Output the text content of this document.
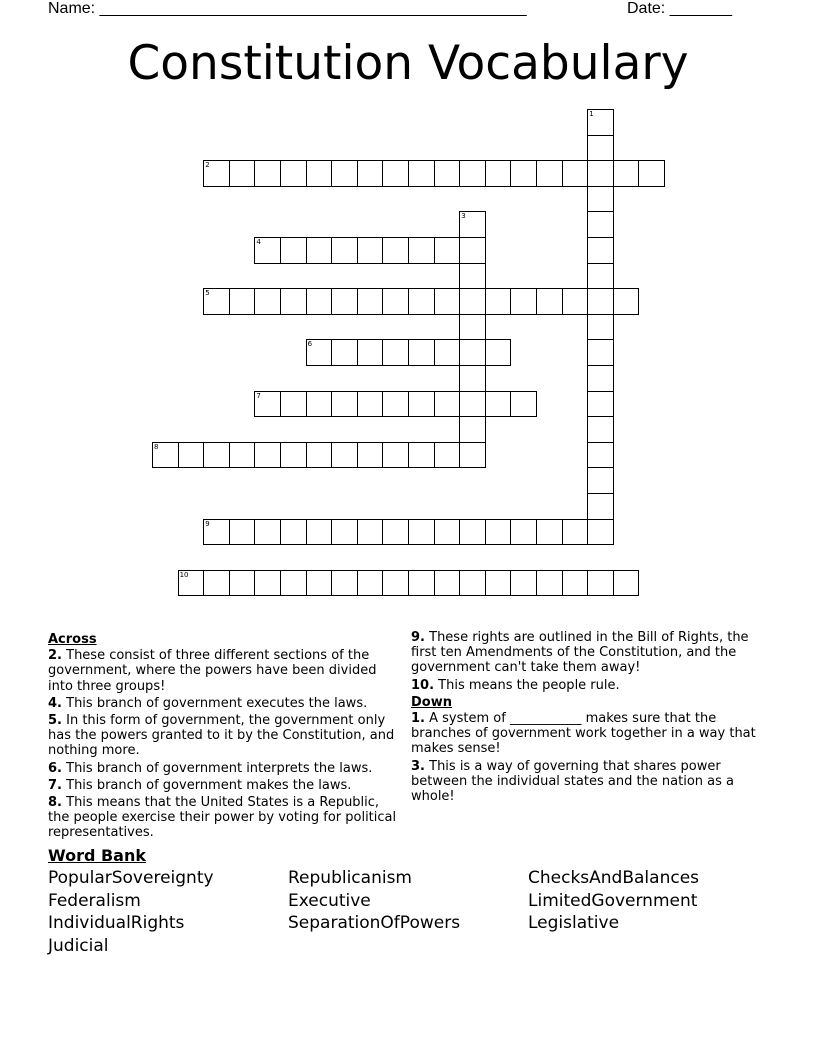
Name: ________________________________________________	Date: _______
Constitution Vocabulary
1
2
3
4
5
6
7
8
9
10
Across
2. These consist of three different sections of the government, where the powers have been divided into three groups!
4. This branch of government executes the laws.
5. In this form of government, the government only has the powers granted to it by the Constitution, and nothing more.
6. This branch of government interprets the laws.
7. This branch of government makes the laws.
8. This means that the United States is a Republic, the people exercise their power by voting for political representatives.
9. These rights are outlined in the Bill of Rights, the first ten Amendments of the Constitution, and the government can't take them away!
10. This means the people rule.
Down
1. A system of ___________ makes sure that the branches of government work together in a way that makes sense!
3. This is a way of governing that shares power between the individual states and the nation as a whole!
Word Bank
PopularSovereignty	Republicanism	ChecksAndBalances
Federalism	Executive	LimitedGovernment
IndividualRights	SeparationOfPowers	Legislative
Judicial
